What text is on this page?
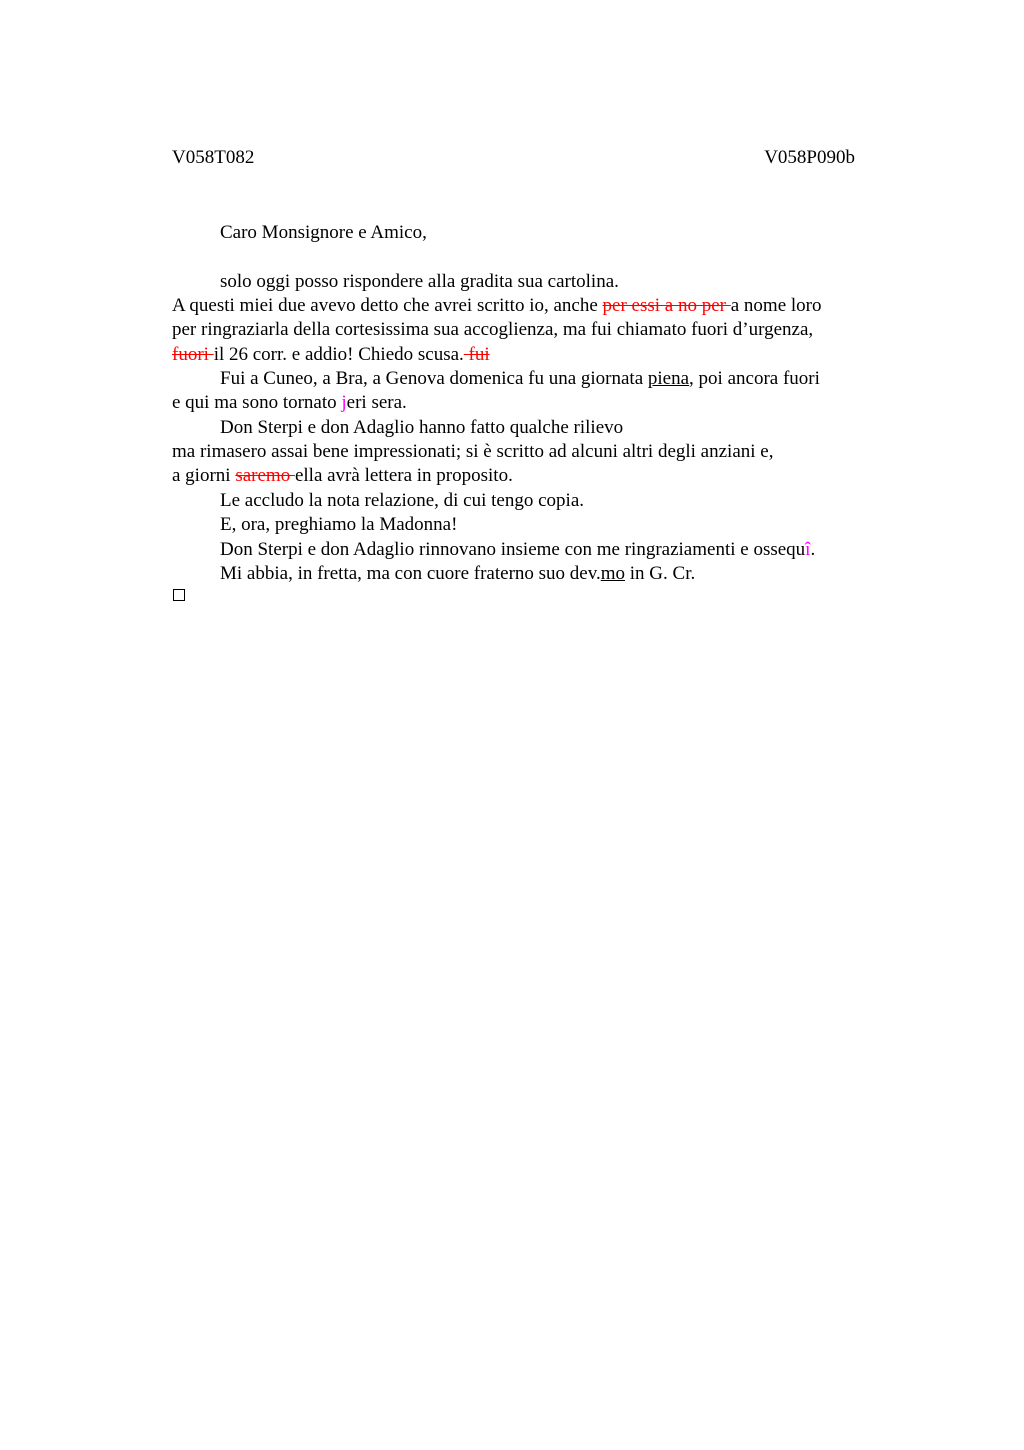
V058T082	V058P090b
Caro Monsignore e Amico,
solo oggi posso rispondere alla gradita sua cartolina.
A questi miei due avevo detto che avrei scritto io, anche per essi a no per a nome loro
per ringraziarla della cortesissima sua accoglienza, ma fui chiamato fuori d’urgenza,
fuori il 26 corr. e addio! Chiedo scusa. fui
Fui a Cuneo, a Bra, a Genova domenica fu una giornata piena, poi ancora fuori
e qui ma sono tornato jeri sera.
Don Sterpi e don Adaglio hanno fatto qualche rilievo
ma rimasero assai bene impressionati; si è scritto ad alcuni altri degli anziani e,
a giorni saremo ella avrà lettera in proposito.
Le accludo la nota relazione, di cui tengo copia.
E, ora, preghiamo la Madonna!
Don Sterpi e don Adaglio rinnovano insieme con me ringraziamenti e ossequî.
Mi abbia, in fretta, ma con cuore fraterno suo dev.mo in G. Cr.
